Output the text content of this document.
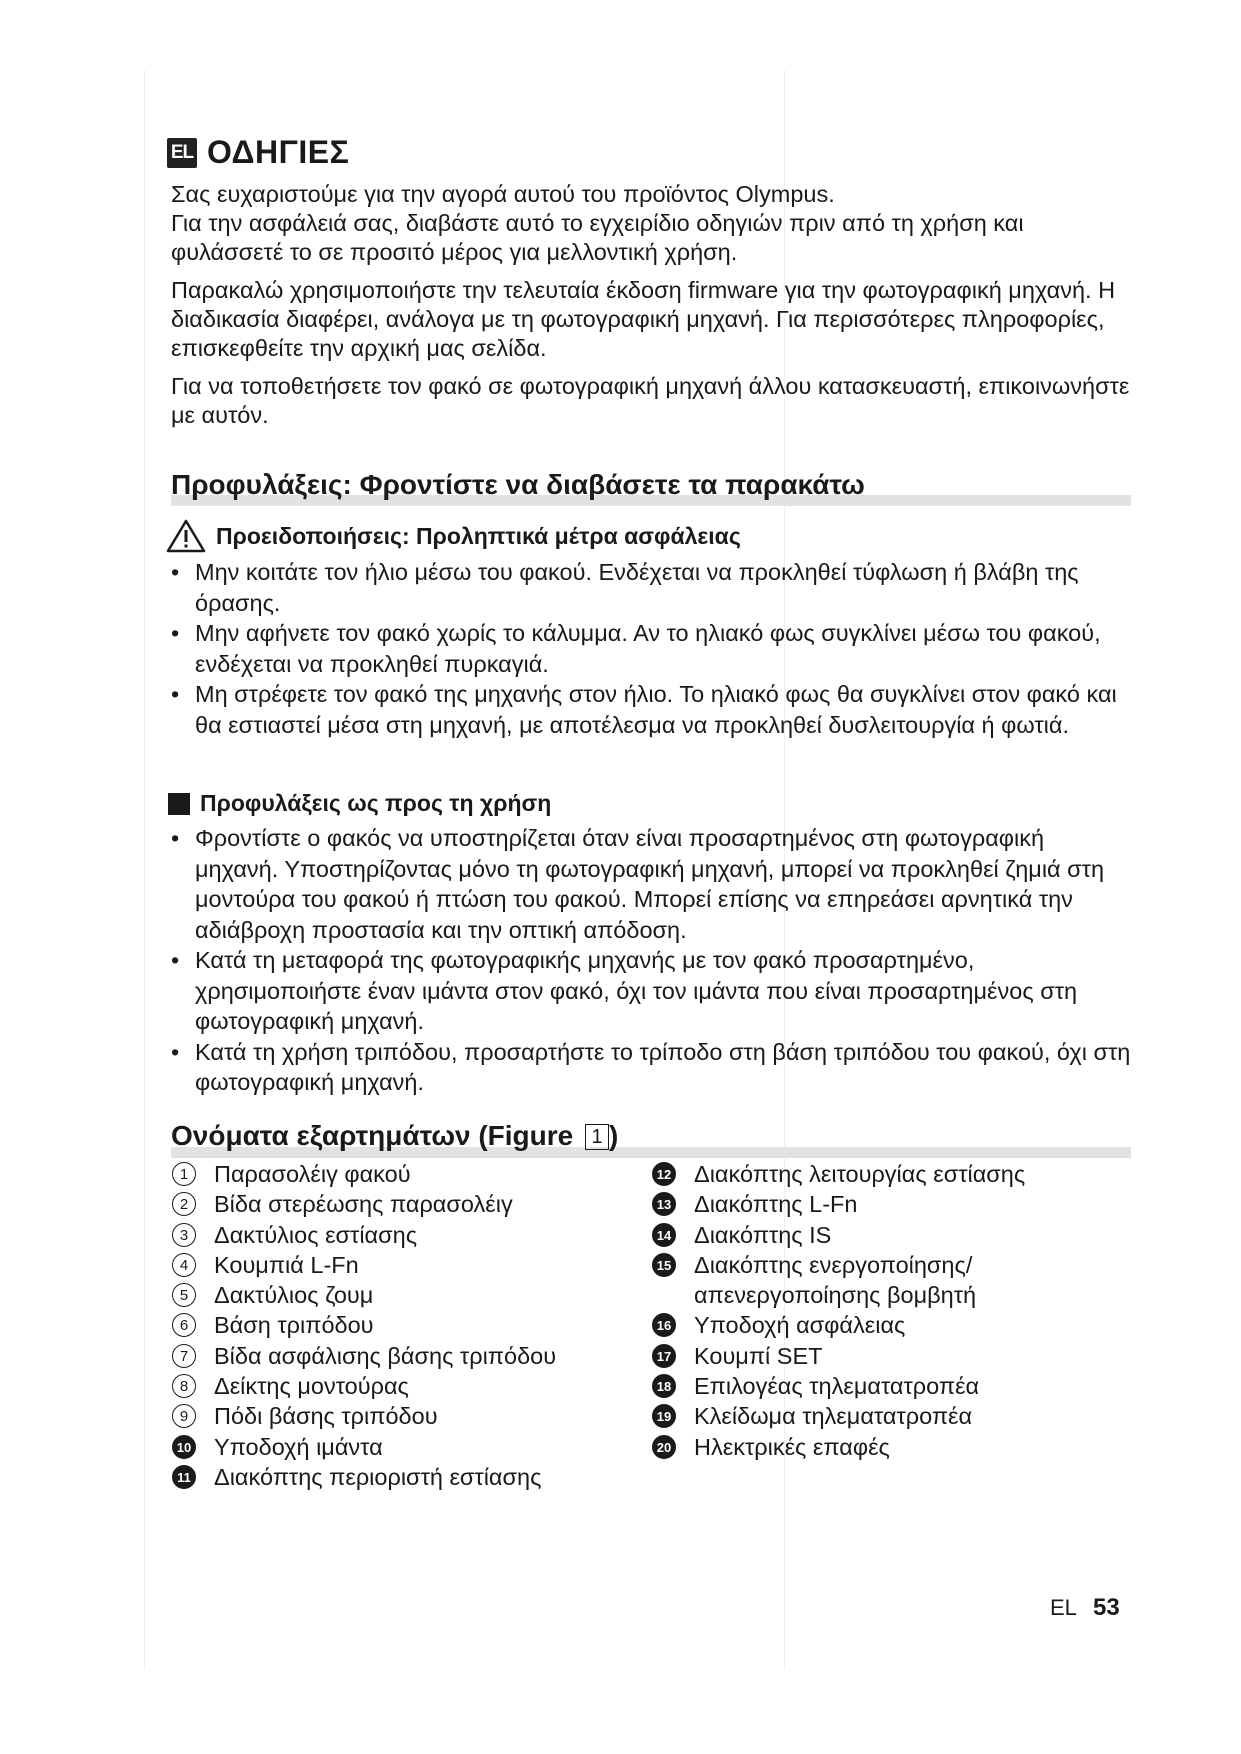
EL ΟΔΗΓΙΕΣ

Σας ευχαριστούμε για την αγορά αυτού του προϊόντος Olympus.

Για την ασφάλειά σας, διαβάστε αυτό το εγχειρίδιο οδηγιών πριν από τη χρήση και φυλάσσετέ το σε προσιτό μέρος για μελλοντική χρήση.

Παρακαλώ χρησιμοποιήστε την τελευταία έκδοση firmware για την φωτογραφική μηχανή. Η διαδικασία διαφέρει, ανάλογα με τη φωτογραφική μηχανή. Για περισσότερες πληροφορίες, επισκεφθείτε την αρχική μας σελίδα.

Για να τοποθετήσετε τον φακό σε φωτογραφική μηχανή άλλου κατασκευαστή, επικοινωνήστε με αυτόν.

Προφυλάξεις: Φροντίστε να διαβάσετε τα παρακάτω
Προειδοποιήσεις: Προληπτικά μέτρα ασφάλειας
• Μην κοιτάτε τον ήλιο μέσω του φακού. Ενδέχεται να προκληθεί τύφλωση ή βλάβη της όρασης.
• Μην αφήνετε τον φακό χωρίς το κάλυμμα. Αν το ηλιακό φως συγκλίνει μέσω του φακού, ενδέχεται να προκληθεί πυρκαγιά.
• Μη στρέφετε τον φακό της μηχανής στον ήλιο. Το ηλιακό φως θα συγκλίνει στον φακό και θα εστιαστεί μέσα στη μηχανή, με αποτέλεσμα να προκληθεί δυσλειτουργία ή φωτιά.
Προφυλάξεις ως προς τη χρήση
• Φροντίστε ο φακός να υποστηρίζεται όταν είναι προσαρτημένος στη φωτογραφική μηχανή. Υποστηρίζοντας μόνο τη φωτογραφική μηχανή, μπορεί να προκληθεί ζημιά στη μοντούρα του φακού ή πτώση του φακού. Μπορεί επίσης να επηρεάσει αρνητικά την αδιάβροχη προστασία και την οπτική απόδοση.
• Κατά τη μεταφορά της φωτογραφικής μηχανής με τον φακό προσαρτημένο, χρησιμοποιήστε έναν ιμάντα στον φακό, όχι τον ιμάντα που είναι προσαρτημένος στη φωτογραφική μηχανή.
• Κατά τη χρήση τριπόδου, προσαρτήστε το τρίποδο στη βάση τριπόδου του φακού, όχι στη φωτογραφική μηχανή.
Ονόματα εξαρτημάτων (Figure 1 )
1	Παρασολέιγ φακού
2	Βίδα στερέωσης παρασολέιγ
3	Δακτύλιος εστίασης
4	Κουμπιά L-Fn
5	Δακτύλιος ζουμ
6	Βάση τριπόδου
7	Βίδα ασφάλισης βάσης τριπόδου
8	Δείκτης μοντούρας
9	Πόδι βάσης τριπόδου
10 Υποδοχή ιμάντα
11 Διακόπτης περιοριστή εστίασης
12 Διακόπτης λειτουργίας εστίασης
13 Διακόπτης L-Fn
14 Διακόπτης IS
15 Διακόπτης ενεργοποίησης/ απενεργοποίησης βομβητή
16 Υποδοχή ασφάλειας
17 Κουμπί SET
18 Επιλογέας τηλεματατροπέα
19 Κλείδωμα τηλεματατροπέα
20 Ηλεκτρικές επαφές
EL 53
